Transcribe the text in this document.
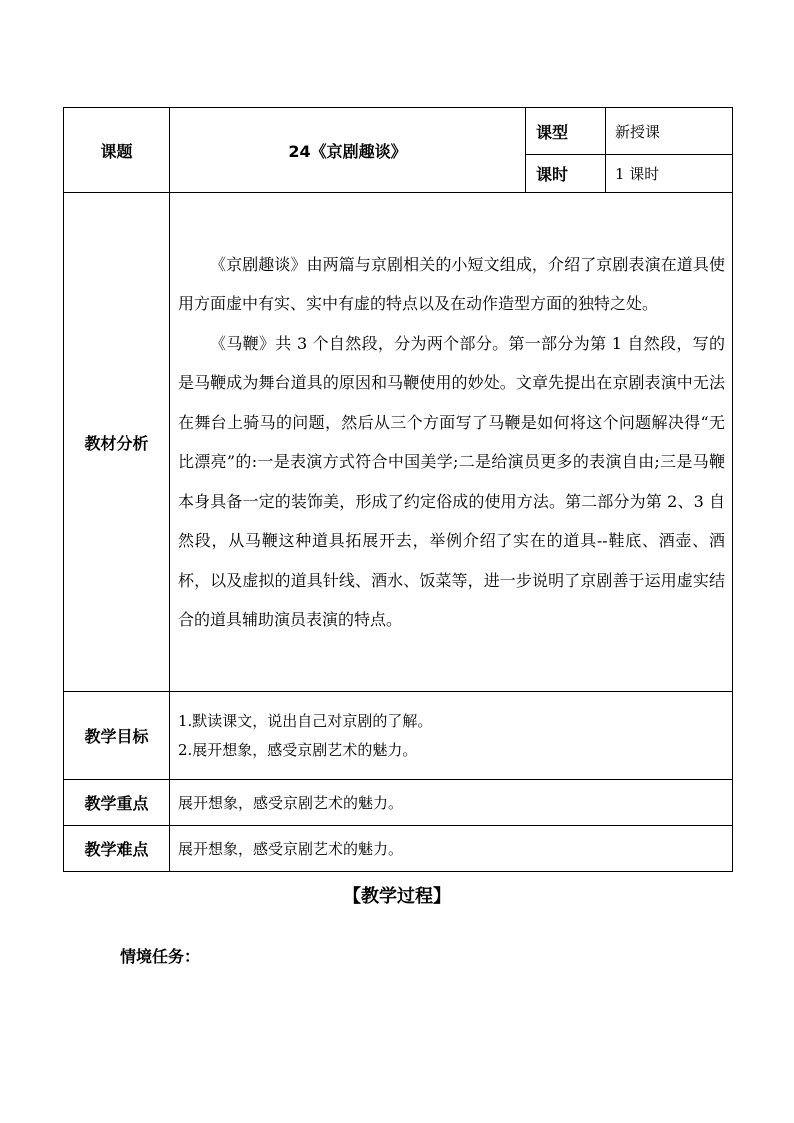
课题	24《京剧趣谈》	课型	新授课
		课时	1 课时
教材分析	《京剧趣谈》由两篇与京剧相关的小短文组成，介绍了京剧表演在道具使用方面虚中有实、实中有虚的特点以及在动作造型方面的独特之处。

《马鞭》共 3 个自然段，分为两个部分。第一部分为第 1 自然段，写的是马鞭成为舞台道具的原因和马鞭使用的妙处。文章先提出在京剧表演中无法在舞台上骑马的问题，然后从三个方面写了马鞭是如何将这个问题解决得“无比漂亮”的:一是表演方式符合中国美学;二是给演员更多的表演自由;三是马鞭本身具备一定的装饰美，形成了约定俗成的使用方法。第二部分为第 2、3 自然段，从马鞭这种道具拓展开去，举例介绍了实在的道具--鞋底、酒壶、酒杯，以及虚拟的道具针线、酒水、饭菜等，进一步说明了京剧善于运用虚实结合的道具辅助演员表演的特点。		

教学目标	1.默读课文，说出自己对京剧的了解。

2.展开想象，感受京剧艺术的魅力。		

教学重点	展开想象，感受京剧艺术的魅力。		
教学难点	展开想象，感受京剧艺术的魅力。		
【教学过程】
情境任务：
